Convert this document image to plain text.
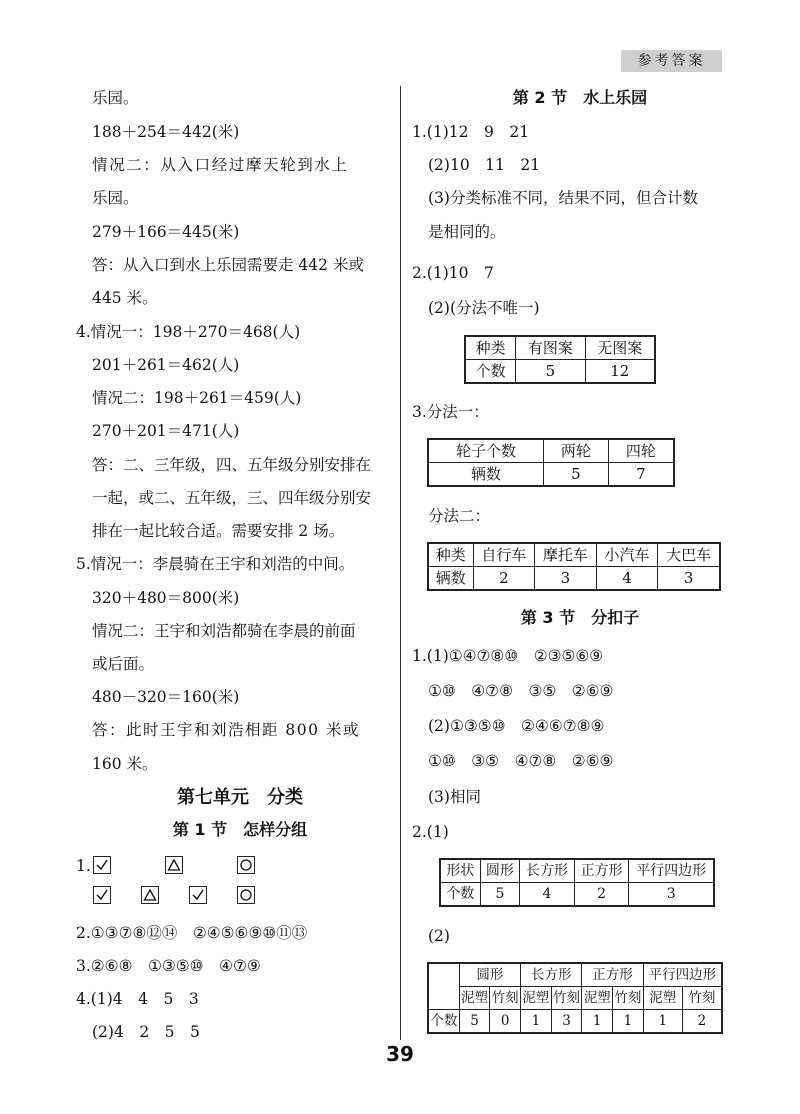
参考答案
乐园。
188＋254＝442(米)
情况二：从入口经过摩天轮到水上
乐园。
279＋166＝445(米)
答：从入口到水上乐园需要走 442 米或
445 米。
4.情况一：198＋270＝468(人)
201＋261＝462(人)
情况二：198＋261＝459(人)
270＋201＝471(人)
答：二、三年级，四、五年级分别安排在
一起，或二、五年级，三、四年级分别安
排在一起比较合适。需要安排 2 场。
5.情况一：李晨骑在王宇和刘浩的中间。
320＋480＝800(米)
情况二：王宇和刘浩都骑在李晨的前面
或后面。
480－320＝160(米)
答：此时王宇和刘浩相距 800 米或
160 米。
第七单元　分类
第 1 节　怎样分组
1.
2.①③⑦⑧⑫⑭　②④⑤⑥⑨⑩⑪⑬
3.②⑥⑧　①③⑤⑩　④⑦⑨
4.(1)4　4　5　3
(2)4　2　5　5
第 2 节　水上乐园
1.(1)12　9　21
(2)10　11　21
(3)分类标准不同，结果不同，但合计数
是相同的。
2.(1)10　7
(2)(分法不唯一)
种类	有图案	无图案
个数	5	12
3.分法一：
轮子个数	两轮	四轮
辆数	5	7
分法二：
种类	自行车	摩托车	小汽车	大巴车
辆数	2	3	4	3
第 3 节　分扣子
1.(1)①④⑦⑧⑩　②③⑤⑥⑨
①⑩　④⑦⑧　③⑤　②⑥⑨
(2)①③⑤⑩　②④⑥⑦⑧⑨
①⑩　③⑤　④⑦⑧　②⑥⑨
(3)相同
2.(1)
形状	圆形	长方形	正方形	平行四边形
个数	5	4	2	3
(2)
	圆形		长方形		正方形		平行四边形	
	泥塑	竹刻	泥塑	竹刻	泥塑	竹刻	泥塑	竹刻
个数	5	0	1	3	1	1	1	2
39
